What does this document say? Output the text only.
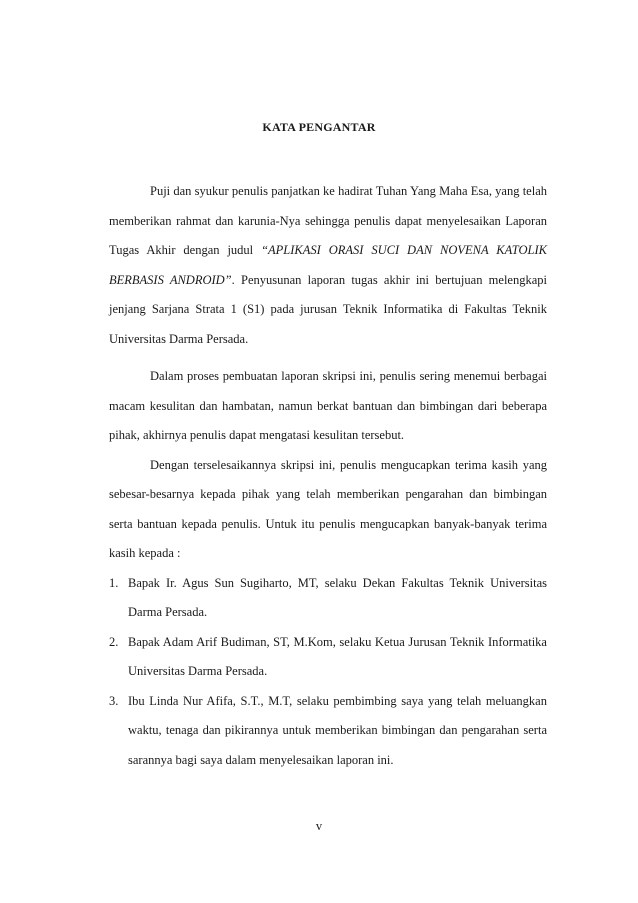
KATA PENGANTAR

Puji dan syukur penulis panjatkan ke hadirat Tuhan Yang Maha Esa, yang telah memberikan rahmat dan karunia-Nya sehingga penulis dapat menyelesaikan Laporan Tugas Akhir dengan judul “APLIKASI ORASI SUCI DAN NOVENA KATOLIK BERBASIS ANDROID”. Penyusunan laporan tugas akhir ini bertujuan melengkapi jenjang Sarjana Strata 1 (S1) pada jurusan Teknik Informatika di Fakultas Teknik Universitas Darma Persada.

Dalam proses pembuatan laporan skripsi ini, penulis sering menemui berbagai macam kesulitan dan hambatan, namun berkat bantuan dan bimbingan dari beberapa pihak, akhirnya penulis dapat mengatasi kesulitan tersebut.

Dengan terselesaikannya skripsi ini, penulis mengucapkan terima kasih yang sebesar-besarnya kepada pihak yang telah memberikan pengarahan dan bimbingan serta bantuan kepada penulis. Untuk itu penulis mengucapkan banyak-banyak terima kasih kepada :

1. Bapak Ir. Agus Sun Sugiharto, MT, selaku Dekan Fakultas Teknik Universitas Darma Persada.
2. Bapak Adam Arif Budiman, ST, M.Kom, selaku Ketua Jurusan Teknik Informatika Universitas Darma Persada.
3. Ibu Linda Nur Afifa, S.T., M.T, selaku pembimbing saya yang telah meluangkan waktu, tenaga dan pikirannya untuk memberikan bimbingan dan pengarahan serta sarannya bagi saya dalam menyelesaikan laporan ini.
v
